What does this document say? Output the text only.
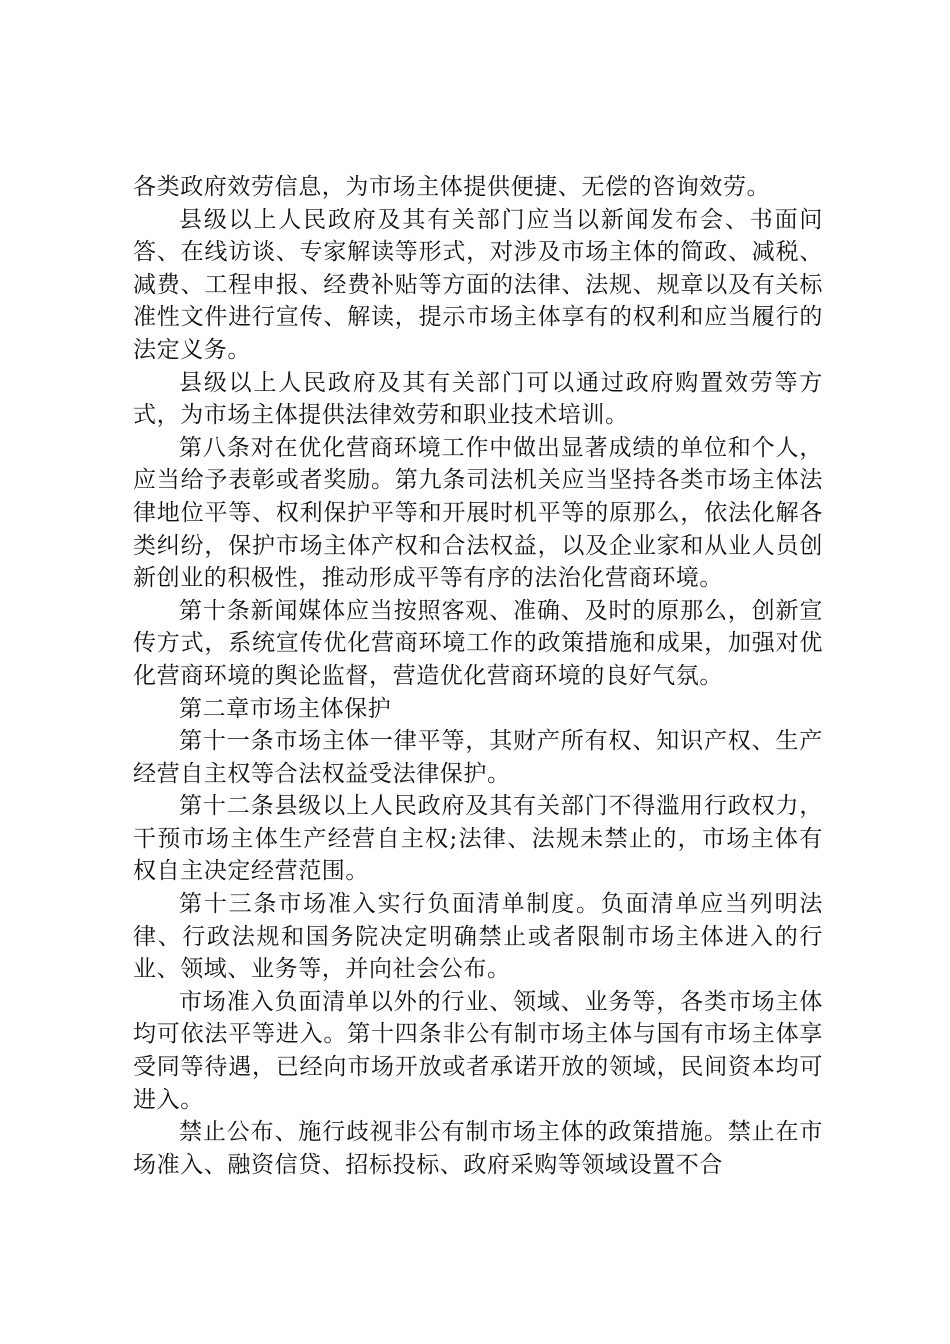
各类政府效劳信息，为市场主体提供便捷、无偿的咨询效劳。

县级以上人民政府及其有关部门应当以新闻发布会、书面问答、在线访谈、专家解读等形式，对涉及市场主体的简政、减税、减费、工程申报、经费补贴等方面的法律、法规、规章以及有关标准性文件进行宣传、解读，提示市场主体享有的权利和应当履行的法定义务。

县级以上人民政府及其有关部门可以通过政府购置效劳等方式，为市场主体提供法律效劳和职业技术培训。

第八条对在优化营商环境工作中做出显著成绩的单位和个人，应当给予表彰或者奖励。第九条司法机关应当坚持各类市场主体法律地位平等、权利保护平等和开展时机平等的原那么，依法化解各类纠纷，保护市场主体产权和合法权益，以及企业家和从业人员创新创业的积极性，推动形成平等有序的法治化营商环境。

第十条新闻媒体应当按照客观、准确、及时的原那么，创新宣传方式，系统宣传优化营商环境工作的政策措施和成果，加强对优化营商环境的舆论监督，营造优化营商环境的良好气氛。

第二章市场主体保护

第十一条市场主体一律平等，其财产所有权、知识产权、生产经营自主权等合法权益受法律保护。

第十二条县级以上人民政府及其有关部门不得滥用行政权力，干预市场主体生产经营自主权;法律、法规未禁止的，市场主体有权自主决定经营范围。

第十三条市场准入实行负面清单制度。负面清单应当列明法律、行政法规和国务院决定明确禁止或者限制市场主体进入的行业、领域、业务等，并向社会公布。

市场准入负面清单以外的行业、领域、业务等，各类市场主体均可依法平等进入。第十四条非公有制市场主体与国有市场主体享受同等待遇，已经向市场开放或者承诺开放的领域，民间资本均可进入。

禁止公布、施行歧视非公有制市场主体的政策措施。禁止在市场准入、融资信贷、招标投标、政府采购等领域设置不合
